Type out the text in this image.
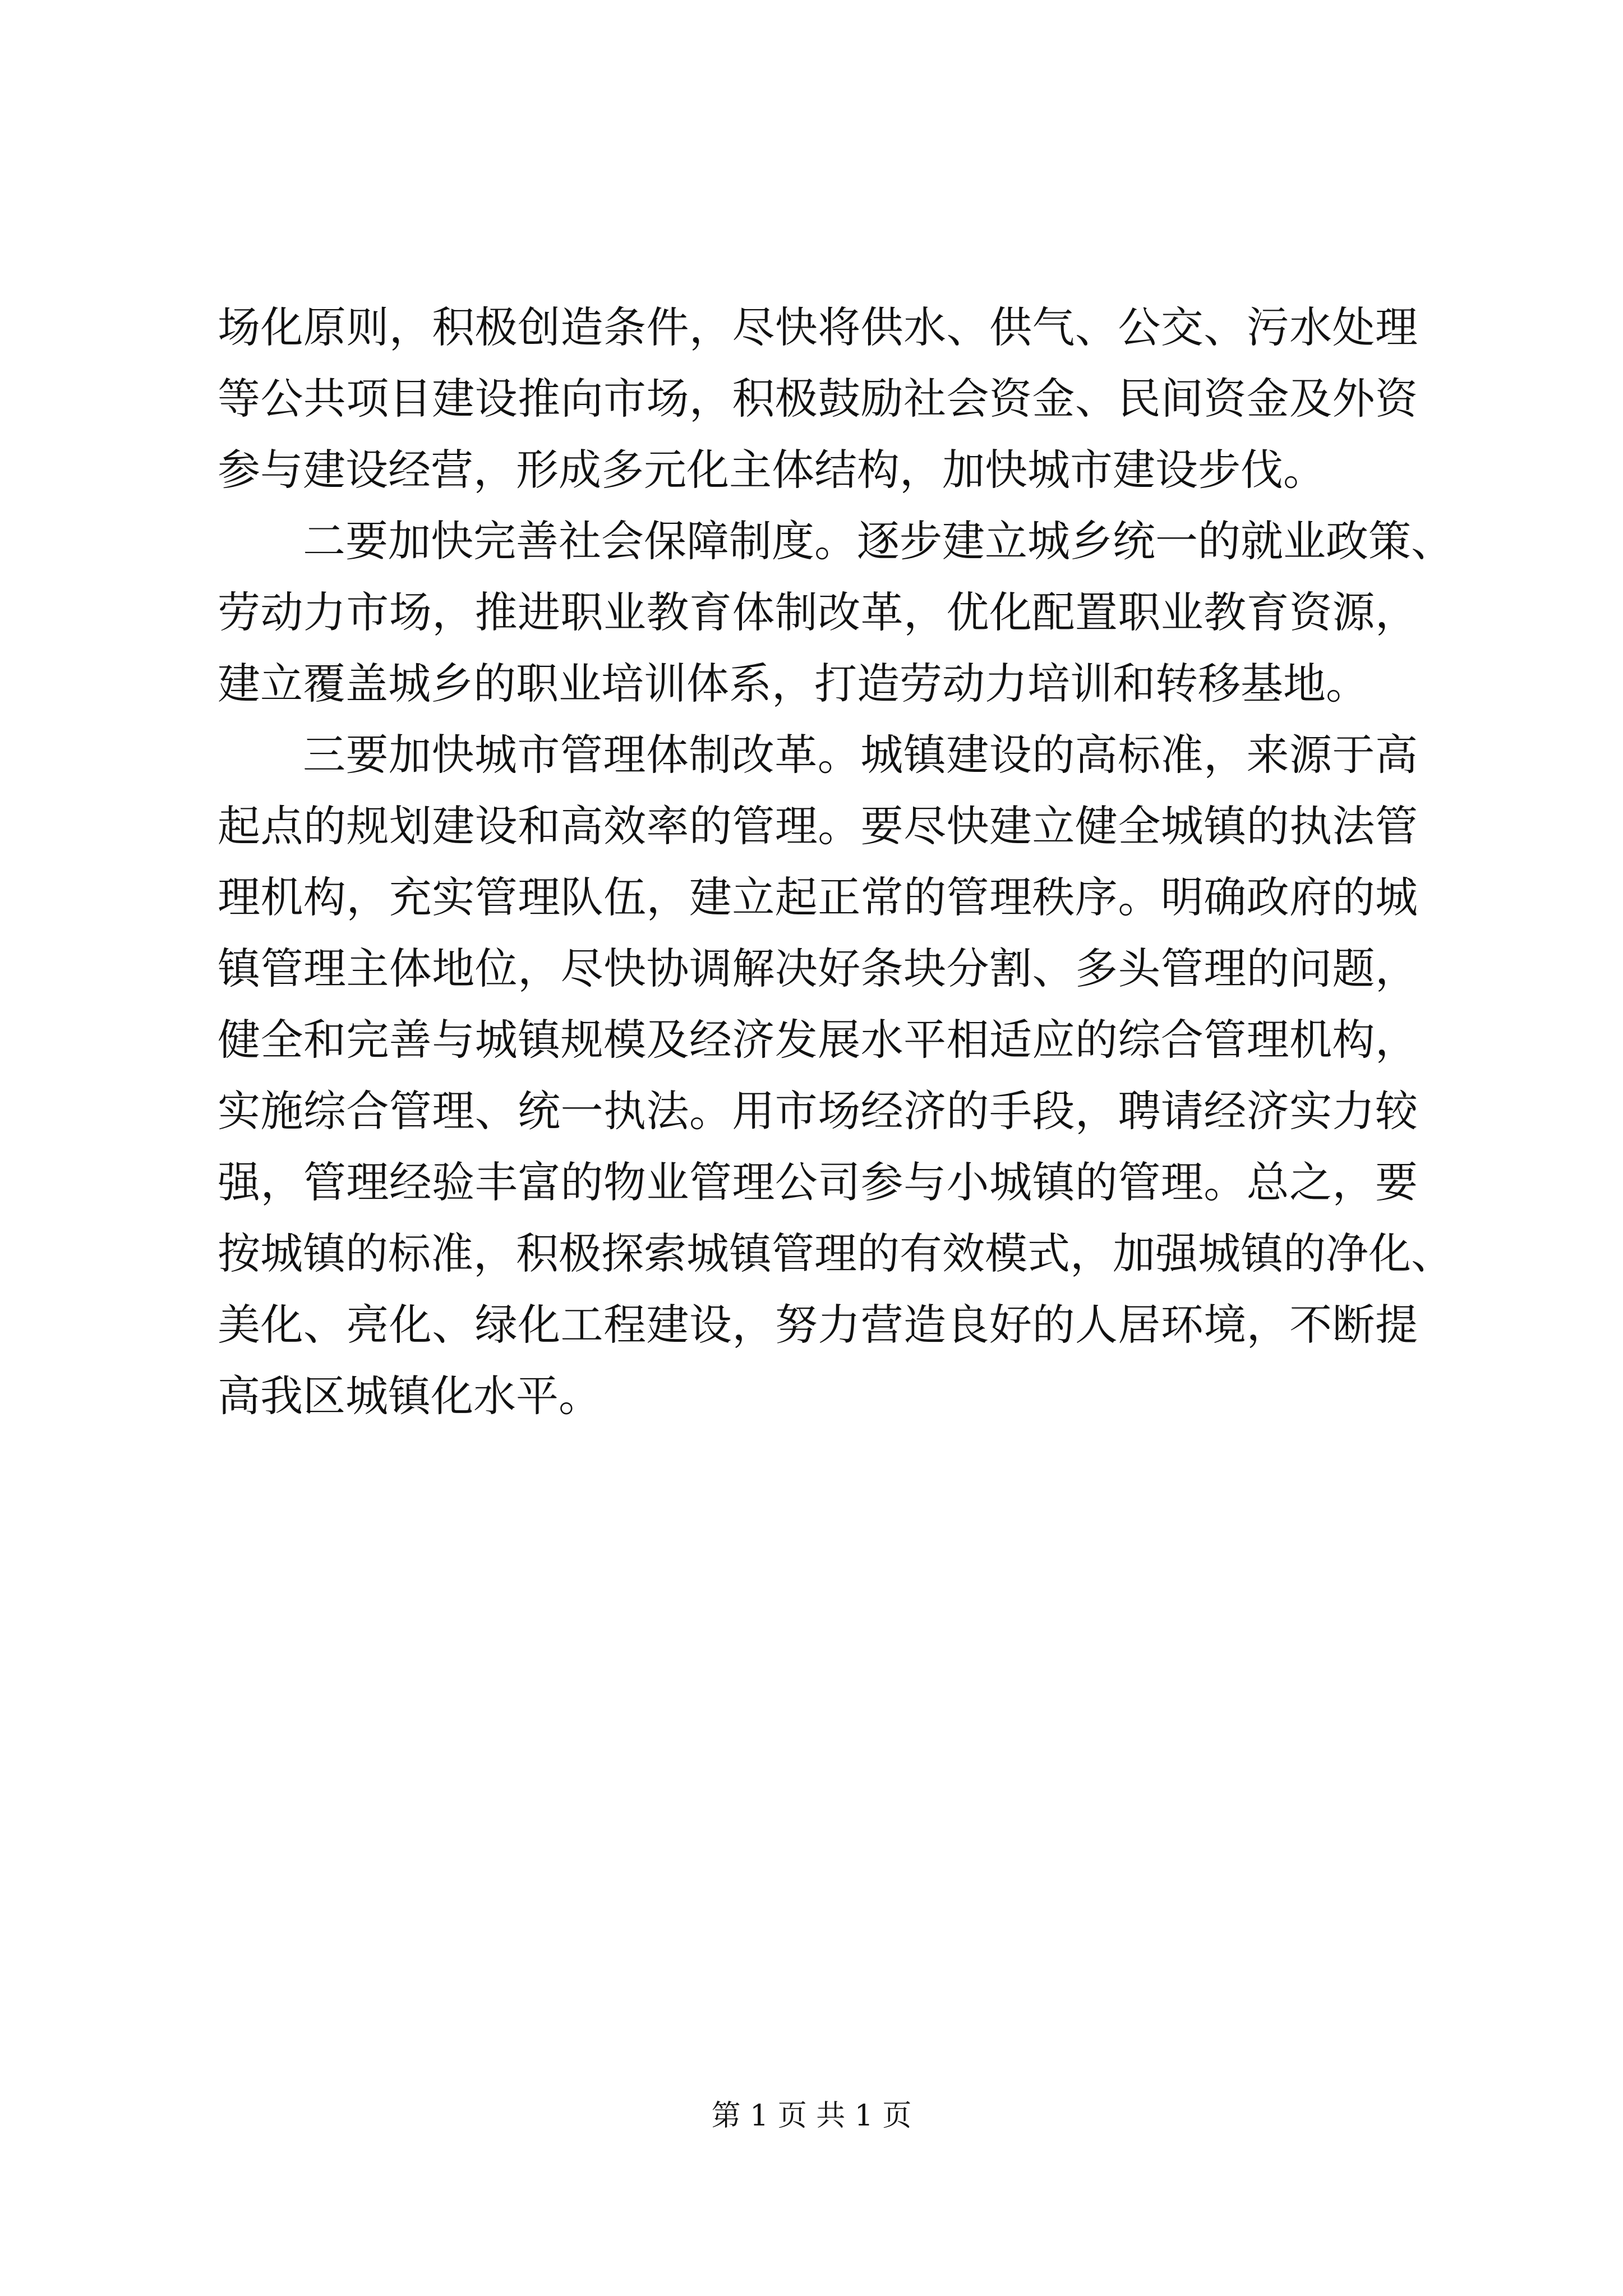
场化原则，积极创造条件，尽快将供水、供气、公交、污水处理
等公共项目建设推向市场，积极鼓励社会资金、民间资金及外资
参与建设经营，形成多元化主体结构，加快城市建设步伐。
二要加快完善社会保障制度。逐步建立城乡统一的就业政策、
劳动力市场，推进职业教育体制改革，优化配置职业教育资源，
建立覆盖城乡的职业培训体系，打造劳动力培训和转移基地。
三要加快城市管理体制改革。城镇建设的高标准，来源于高
起点的规划建设和高效率的管理。要尽快建立健全城镇的执法管
理机构，充实管理队伍，建立起正常的管理秩序。明确政府的城
镇管理主体地位，尽快协调解决好条块分割、多头管理的问题，
健全和完善与城镇规模及经济发展水平相适应的综合管理机构，
实施综合管理、统一执法。用市场经济的手段，聘请经济实力较
强，管理经验丰富的物业管理公司参与小城镇的管理。总之，要
按城镇的标准，积极探索城镇管理的有效模式，加强城镇的净化、
美化、亮化、绿化工程建设，努力营造良好的人居环境，不断提
高我区城镇化水平。
第 1 页 共 1 页
